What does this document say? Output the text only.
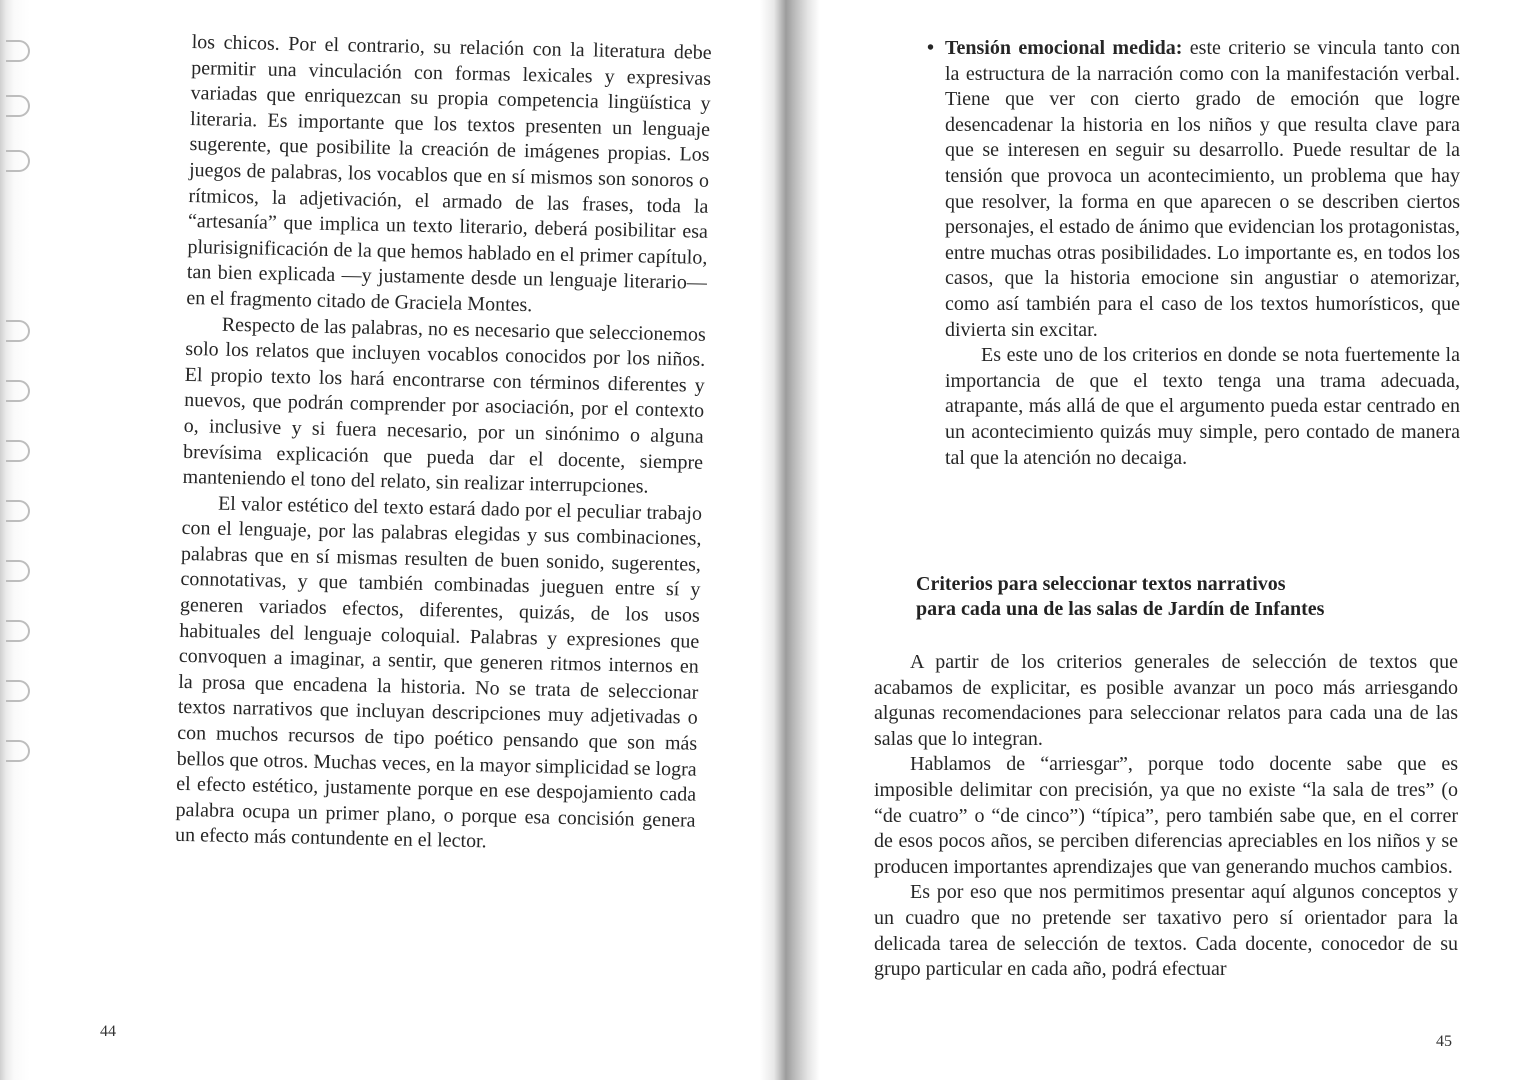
los chicos. Por el contrario, su relación con la literatura debe permitir una vinculación con formas lexicales y expresivas variadas que enriquezcan su propia competencia lingüística y literaria. Es importante que los textos presenten un lenguaje sugerente, que posibilite la creación de imágenes propias. Los juegos de palabras, los vocablos que en sí mismos son sonoros o rítmicos, la adjetivación, el armado de las frases, toda la “artesanía” que implica un texto literario, deberá posibilitar esa plurisignificación de la que hemos hablado en el primer capítulo, tan bien explicada —y justamente desde un lenguaje literario— en el fragmento citado de Graciela Montes.

Respecto de las palabras, no es necesario que seleccionemos solo los relatos que incluyen vocablos conocidos por los niños. El propio texto los hará encontrarse con términos diferentes y nuevos, que podrán comprender por asociación, por el contexto o, inclusive y si fuera necesario, por un sinónimo o alguna brevísima explicación que pueda dar el docente, siempre manteniendo el tono del relato, sin realizar interrupciones.

El valor estético del texto estará dado por el peculiar trabajo con el lenguaje, por las palabras elegidas y sus combinaciones, palabras que en sí mismas resulten de buen sonido, sugerentes, connotativas, y que también combinadas jueguen entre sí y generen variados efectos, diferentes, quizás, de los usos habituales del lenguaje coloquial. Palabras y expresiones que convoquen a imaginar, a sentir, que generen ritmos internos en la prosa que encadena la historia. No se trata de seleccionar textos narrativos que incluyan descripciones muy adjetivadas o con muchos recursos de tipo poético pensando que son más bellos que otros. Muchas veces, en la mayor simplicidad se logra el efecto estético, justamente porque en ese despojamiento cada palabra ocupa un primer plano, o porque esa concisión genera un efecto más contundente en el lector.

44

• Tensión emocional medida: este criterio se vincula tanto con la estructura de la narración como con la manifestación verbal. Tiene que ver con cierto grado de emoción que logre desencadenar la historia en los niños y que resulta clave para que se interesen en seguir su desarrollo. Puede resultar de la tensión que provoca un acontecimiento, un problema que hay que resolver, la forma en que aparecen o se describen ciertos personajes, el estado de ánimo que evidencian los protagonistas, entre muchas otras posibilidades. Lo importante es, en todos los casos, que la historia emocione sin angustiar o atemorizar, como así también para el caso de los textos humorísticos, que divierta sin excitar.

Es este uno de los criterios en donde se nota fuertemente la importancia de que el texto tenga una trama adecuada, atrapante, más allá de que el argumento pueda estar centrado en un acontecimiento quizás muy simple, pero contado de manera tal que la atención no decaiga.

Criterios para seleccionar textos narrativos
para cada una de las salas de Jardín de Infantes

A partir de los criterios generales de selección de textos que acabamos de explicitar, es posible avanzar un poco más arriesgando algunas recomendaciones para seleccionar relatos para cada una de las salas que lo integran.

Hablamos de “arriesgar”, porque todo docente sabe que es imposible delimitar con precisión, ya que no existe “la sala de tres” (o “de cuatro” o “de cinco”) “típica”, pero también sabe que, en el correr de esos pocos años, se perciben diferencias apreciables en los niños y se producen importantes aprendizajes que van generando muchos cambios.

Es por eso que nos permitimos presentar aquí algunos conceptos y un cuadro que no pretende ser taxativo pero sí orientador para la delicada tarea de selección de textos. Cada docente, conocedor de su grupo particular en cada año, podrá efectuar

45
